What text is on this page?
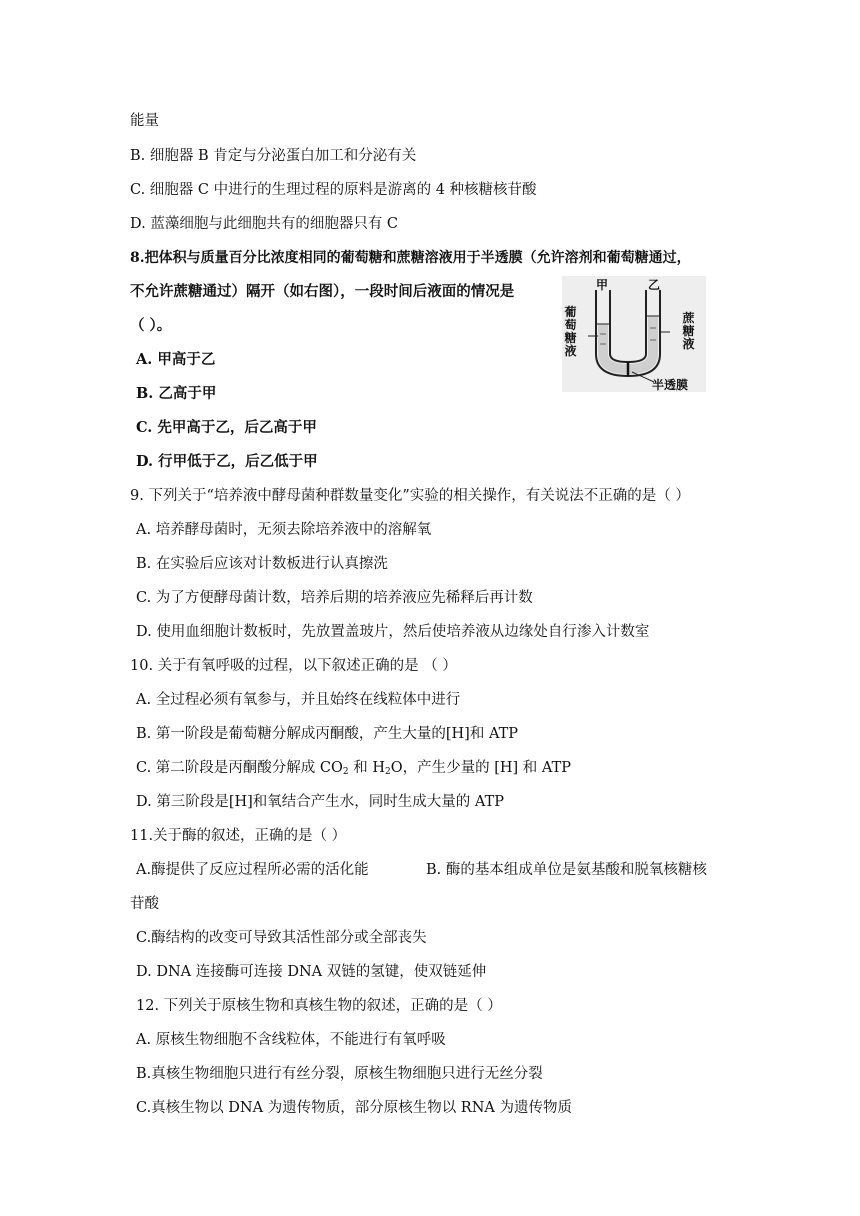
能量
B. 细胞器 B 肯定与分泌蛋白加工和分泌有关
C. 细胞器 C 中进行的生理过程的原料是游离的 4 种核糖核苷酸
D. 蓝藻细胞与此细胞共有的细胞器只有 C
8.把体积与质量百分比浓度相同的葡萄糖和蔗糖溶液用于半透膜（允许溶剂和葡萄糖通过，
不允许蔗糖通过）隔开（如右图），一段时间后液面的情况是
（ ）。
A. 甲高于乙
B. 乙高于甲
C. 先甲高于乙，后乙高于甲
D. 行甲低于乙，后乙低于甲
甲	乙
葡萄糖液
蔗糖液
半透膜
9. 下列关于“培养液中酵母菌种群数量变化”实验的相关操作，有关说法不正确的是（ ）
A. 培养酵母菌时，无须去除培养液中的溶解氧
B. 在实验后应该对计数板进行认真擦洗
C. 为了方便酵母菌计数，培养后期的培养液应先稀释后再计数
D. 使用血细胞计数板时，先放置盖玻片，然后使培养液从边缘处自行渗入计数室
10. 关于有氧呼吸的过程，以下叙述正确的是 （ ）
A. 全过程必须有氧参与，并且始终在线粒体中进行
B. 第一阶段是葡萄糖分解成丙酮酸，产生大量的[H]和 ATP
C. 第二阶段是丙酮酸分解成 $CO_2$ 和 $H_2O$，产生少量的 [H] 和 ATP
D. 第三阶段是[H]和氧结合产生水，同时生成大量的 ATP
11.关于酶的叙述，正确的是（ ）
A.酶提供了反应过程所必需的活化能	B. 酶的基本组成单位是氨基酸和脱氧核糖核
苷酸
C.酶结构的改变可导致其活性部分或全部丧失
D. DNA 连接酶可连接 DNA 双链的氢键，使双链延伸
12. 下列关于原核生物和真核生物的叙述，正确的是（ ）
A. 原核生物细胞不含线粒体，不能进行有氧呼吸
B.真核生物细胞只进行有丝分裂，原核生物细胞只进行无丝分裂
C.真核生物以 DNA 为遗传物质，部分原核生物以 RNA 为遗传物质
